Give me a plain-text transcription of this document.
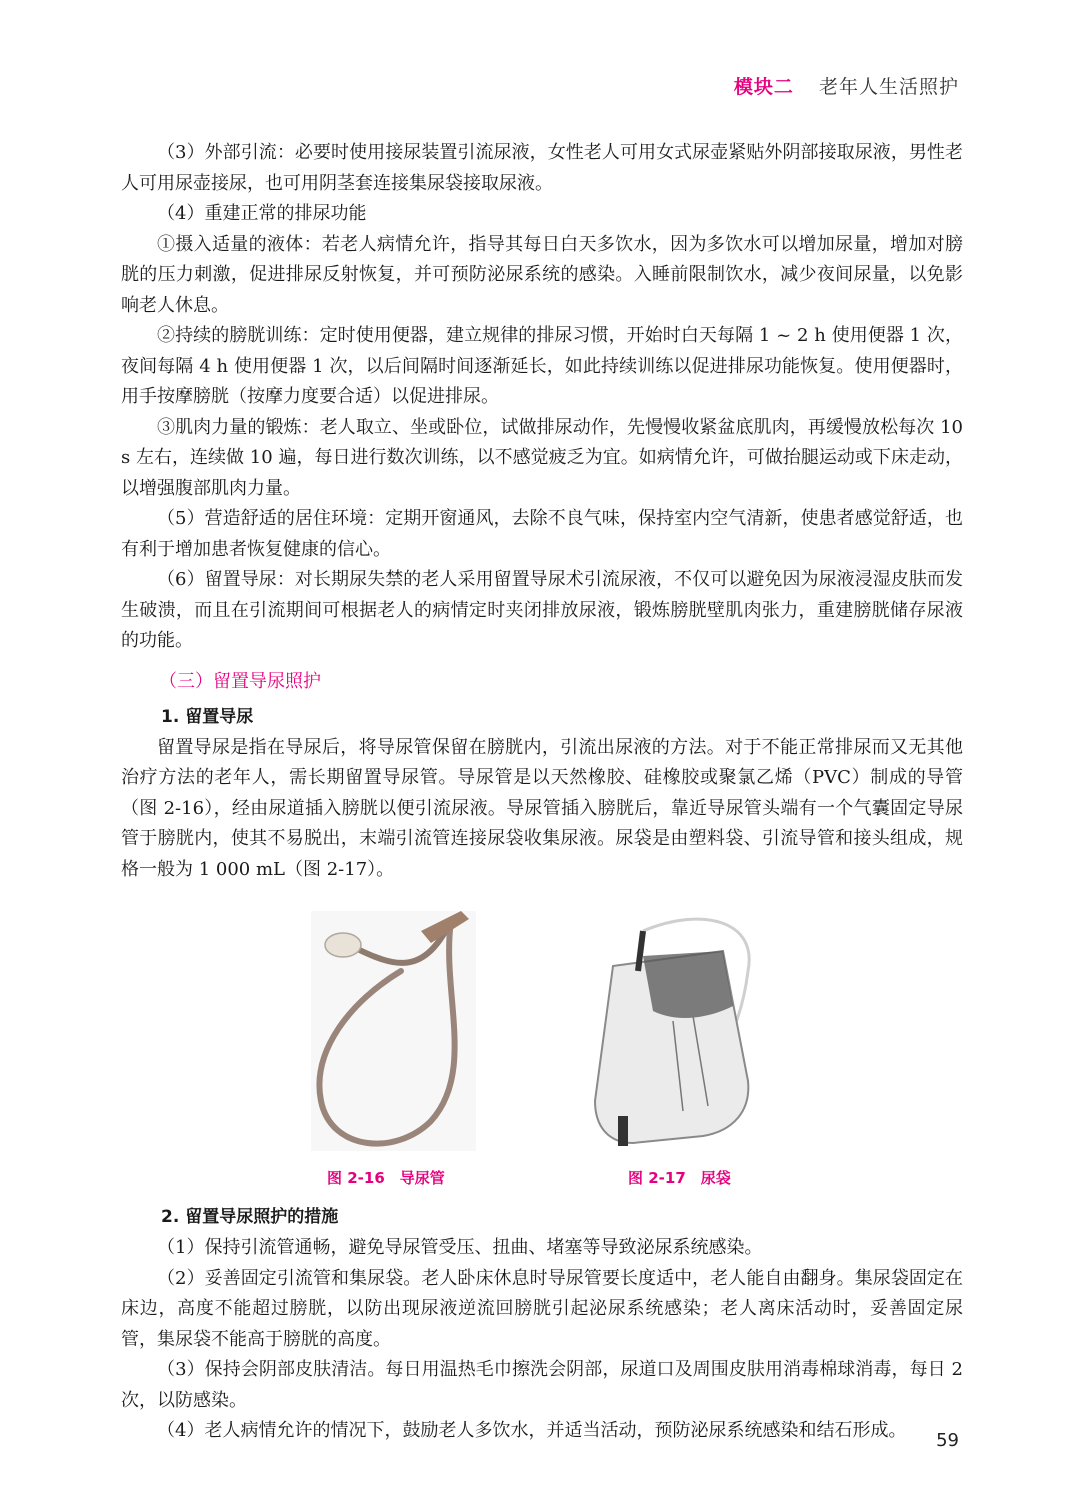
模块二 老年人生活照护

（3）外部引流：必要时使用接尿装置引流尿液，女性老人可用女式尿壶紧贴外阴部接取尿液，男性老人可用尿壶接尿，也可用阴茎套连接集尿袋接取尿液。

（4）重建正常的排尿功能

①摄入适量的液体：若老人病情允许，指导其每日白天多饮水，因为多饮水可以增加尿量，增加对膀胱的压力刺激，促进排尿反射恢复，并可预防泌尿系统的感染。入睡前限制饮水，减少夜间尿量，以免影响老人休息。

②持续的膀胱训练：定时使用便器，建立规律的排尿习惯，开始时白天每隔 1 ~ 2 h 使用便器 1 次，夜间每隔 4 h 使用便器 1 次，以后间隔时间逐渐延长，如此持续训练以促进排尿功能恢复。使用便器时，用手按摩膀胱（按摩力度要合适）以促进排尿。

③肌肉力量的锻炼：老人取立、坐或卧位，试做排尿动作，先慢慢收紧盆底肌肉，再缓慢放松每次 10 s 左右，连续做 10 遍，每日进行数次训练，以不感觉疲乏为宜。如病情允许，可做抬腿运动或下床走动，以增强腹部肌肉力量。

（5）营造舒适的居住环境：定期开窗通风，去除不良气味，保持室内空气清新，使患者感觉舒适，也有利于增加患者恢复健康的信心。

（6）留置导尿：对长期尿失禁的老人采用留置导尿术引流尿液，不仅可以避免因为尿液浸湿皮肤而发生破溃，而且在引流期间可根据老人的病情定时夹闭排放尿液，锻炼膀胱壁肌肉张力，重建膀胱储存尿液的功能。

（三）留置导尿照护
1. 留置导尿

留置导尿是指在导尿后，将导尿管保留在膀胱内，引流出尿液的方法。对于不能正常排尿而又无其他治疗方法的老年人，需长期留置导尿管。导尿管是以天然橡胶、硅橡胶或聚氯乙烯（PVC）制成的导管（图 2-16），经由尿道插入膀胱以便引流尿液。导尿管插入膀胱后，靠近导尿管头端有一个气囊固定导尿管于膀胱内，使其不易脱出，末端引流管连接尿袋收集尿液。尿袋是由塑料袋、引流导管和接头组成，规格一般为 1 000 mL（图 2-17）。

图 2-16　导尿管	图 2-17　尿袋
2. 留置导尿照护的措施

（1）保持引流管通畅，避免导尿管受压、扭曲、堵塞等导致泌尿系统感染。

（2）妥善固定引流管和集尿袋。老人卧床休息时导尿管要长度适中，老人能自由翻身。集尿袋固定在床边，高度不能超过膀胱，以防出现尿液逆流回膀胱引起泌尿系统感染；老人离床活动时，妥善固定尿管，集尿袋不能高于膀胱的高度。

（3）保持会阴部皮肤清洁。每日用温热毛巾擦洗会阴部，尿道口及周围皮肤用消毒棉球消毒，每日 2 次，以防感染。

（4）老人病情允许的情况下，鼓励老人多饮水，并适当活动，预防泌尿系统感染和结石形成。	59
